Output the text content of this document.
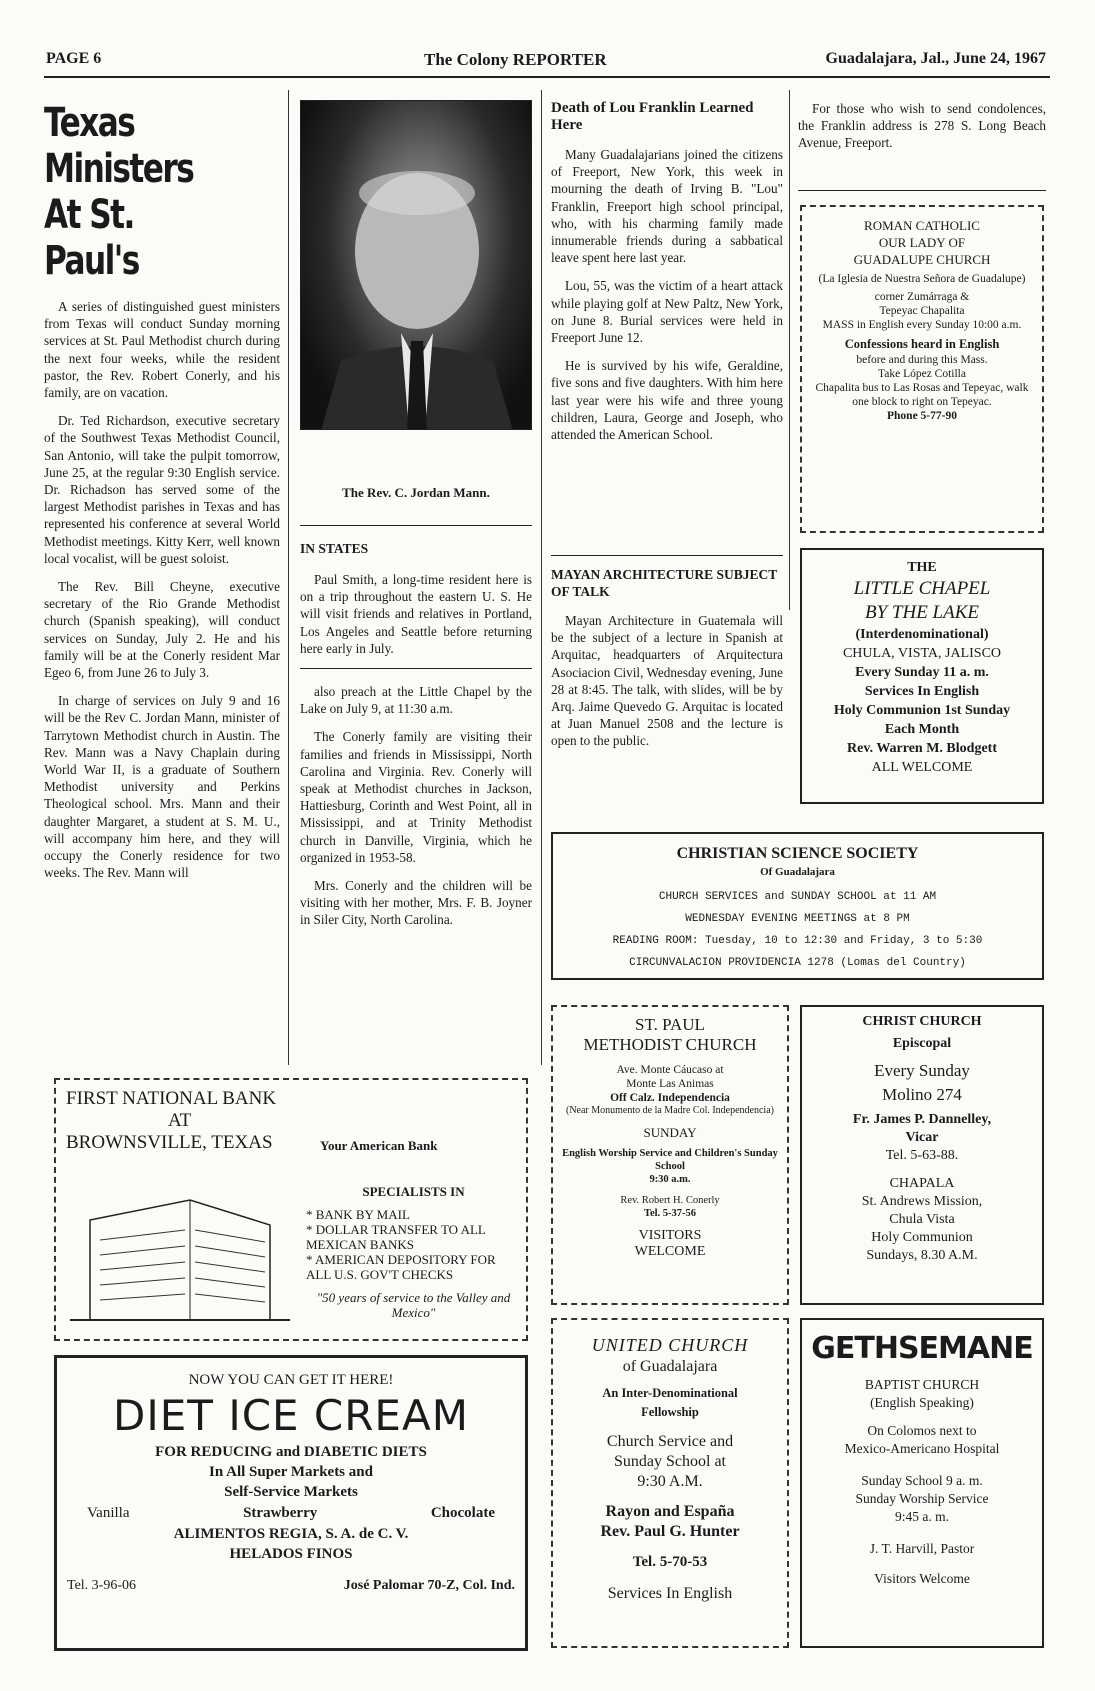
PAGE 6	The Colony REPORTER	Guadalajara, Jal., June 24, 1967
Texas Ministers
At St. Paul's

A series of distinguished guest ministers from Texas will conduct Sunday morning services at St. Paul Methodist church during the next four weeks, while the resident pastor, the Rev. Robert Conerly, and his family, are on vacation.

Dr. Ted Richardson, executive secretary of the Southwest Texas Methodist Council, San Antonio, will take the pulpit tomorrow, June 25, at the regular 9:30 English service. Dr. Richadson has served some of the largest Methodist parishes in Texas and has represented his conference at several World Methodist meetings. Kitty Kerr, well known local vocalist, will be guest soloist.

The Rev. Bill Cheyne, executive secretary of the Rio Grande Methodist church (Spanish speaking), will conduct services on Sunday, July 2. He and his family will be at the Conerly resident Mar Egeo 6, from June 26 to July 3.

In charge of services on July 9 and 16 will be the Rev C. Jordan Mann, minister of Tarrytown Methodist church in Austin. The Rev. Mann was a Navy Chaplain during World War II, is a graduate of Southern Methodist university and Perkins Theological school. Mrs. Mann and their daughter Margaret, a student at S. M. U., will accompany him here, and they will occupy the Conerly residence for two weeks. The Rev. Mann will

The Rev. C. Jordan Mann.
IN STATES

Paul Smith, a long-time resident here is on a trip throughout the eastern U. S. He will visit friends and relatives in Portland, Los Angeles and Seattle before returning here early in July.

also preach at the Little Chapel by the Lake on July 9, at 11:30 a.m.

The Conerly family are visiting their families and friends in Mississippi, North Carolina and Virginia. Rev. Conerly will speak at Methodist churches in Jackson, Hattiesburg, Corinth and West Point, all in Mississippi, and at Trinity Methodist church in Danville, Virginia, which he organized in 1953-58.

Mrs. Conerly and the children will be visiting with her mother, Mrs. F. B. Joyner in Siler City, North Carolina.

Death of Lou Franklin Learned Here

Many Guadalajarians joined the citizens of Freeport, New York, this week in mourning the death of Irving B. "Lou" Franklin, Freeport high school principal, who, with his charming family made innumerable friends during a sabbatical leave spent here last year.

Lou, 55, was the victim of a heart attack while playing golf at New Paltz, New York, on June 8. Burial services were held in Freeport June 12.

He is survived by his wife, Geraldine, five sons and five daughters. With him here last year were his wife and three young children, Laura, George and Joseph, who attended the American School.

MAYAN ARCHITECTURE SUBJECT OF TALK

Mayan Architecture in Guatemala will be the subject of a lecture in Spanish at Arquitac, headquarters of Arquitectura Asociacion Civil, Wednesday evening, June 28 at 8:45. The talk, with slides, will be by Arq. Jaime Quevedo G. Arquitac is located at Juan Manuel 2508 and the lecture is open to the public.

For those who wish to send condolences, the Franklin address is 278 S. Long Beach Avenue, Freeport.

ROMAN CATHOLIC
OUR LADY OF
GUADALUPE CHURCH
(La Iglesia de Nuestra Señora de Guadalupe)
corner Zumárraga &
Tepeyac Chapalita
MASS in English every Sunday 10:00 a.m.
Confessions heard in English
before and during this Mass.
Take López Cotilla
Chapalita bus to Las Rosas and Tepeyac, walk one block to right on Tepeyac.
Phone 5-77-90
THE
LITTLE CHAPEL
BY THE LAKE
(Interdenominational)
CHULA, VISTA, JALISCO
Every Sunday 11 a. m.
Services In English
Holy Communion 1st Sunday
Each Month
Rev. Warren M. Blodgett
ALL WELCOME
CHRISTIAN SCIENCE SOCIETY
Of Guadalajara
CHURCH SERVICES and SUNDAY SCHOOL at 11 AM
WEDNESDAY EVENING MEETINGS at 8 PM
READING ROOM: Tuesday, 10 to 12:30 and Friday, 3 to 5:30
CIRCUNVALACION PROVIDENCIA 1278 (Lomas del Country)
FIRST NATIONAL BANK
AT
BROWNSVILLE, TEXAS	Your American Bank
SPECIALISTS IN
* BANK BY MAIL
* DOLLAR TRANSFER TO ALL MEXICAN BANKS
* AMERICAN DEPOSITORY FOR ALL U.S. GOV'T CHECKS
"50 years of service to the Valley and Mexico"
NOW YOU CAN GET IT HERE!
DIET ICE CREAM
FOR REDUCING and DIABETIC DIETS
In All Super Markets and
Self-Service Markets
Vanilla	Strawberry	Chocolate
ALIMENTOS REGIA, S. A. de C. V.
HELADOS FINOS
Tel. 3-96-06	José Palomar 70-Z, Col. Ind.
ST. PAUL
METHODIST CHURCH
Ave. Monte Cáucaso at
Monte Las Animas
Off Calz. Independencia
(Near Monumento de la Madre Col. Independencia)
SUNDAY
English Worship Service and Children's Sunday School
9:30 a.m.
Rev. Robert H. Conerly
Tel. 5-37-56
VISITORS
WELCOME
CHRIST CHURCH
Episcopal
Every Sunday
Molino 274
Fr. James P. Dannelley,
Vicar
Tel. 5-63-88.
CHAPALA
St. Andrews Mission,
Chula Vista
Holy Communion
Sundays, 8.30 A.M.
UNITED CHURCH
of Guadalajara
An Inter-Denominational
Fellowship
Church Service and
Sunday School at
9:30 A.M.
Rayon and España
Rev. Paul G. Hunter
Tel. 5-70-53
Services In English
GETHSEMANE
BAPTIST CHURCH
(English Speaking)
On Colomos next to
Mexico-Americano Hospital
Sunday School 9 a. m.
Sunday Worship Service
9:45 a. m.
J. T. Harvill, Pastor
Visitors Welcome
